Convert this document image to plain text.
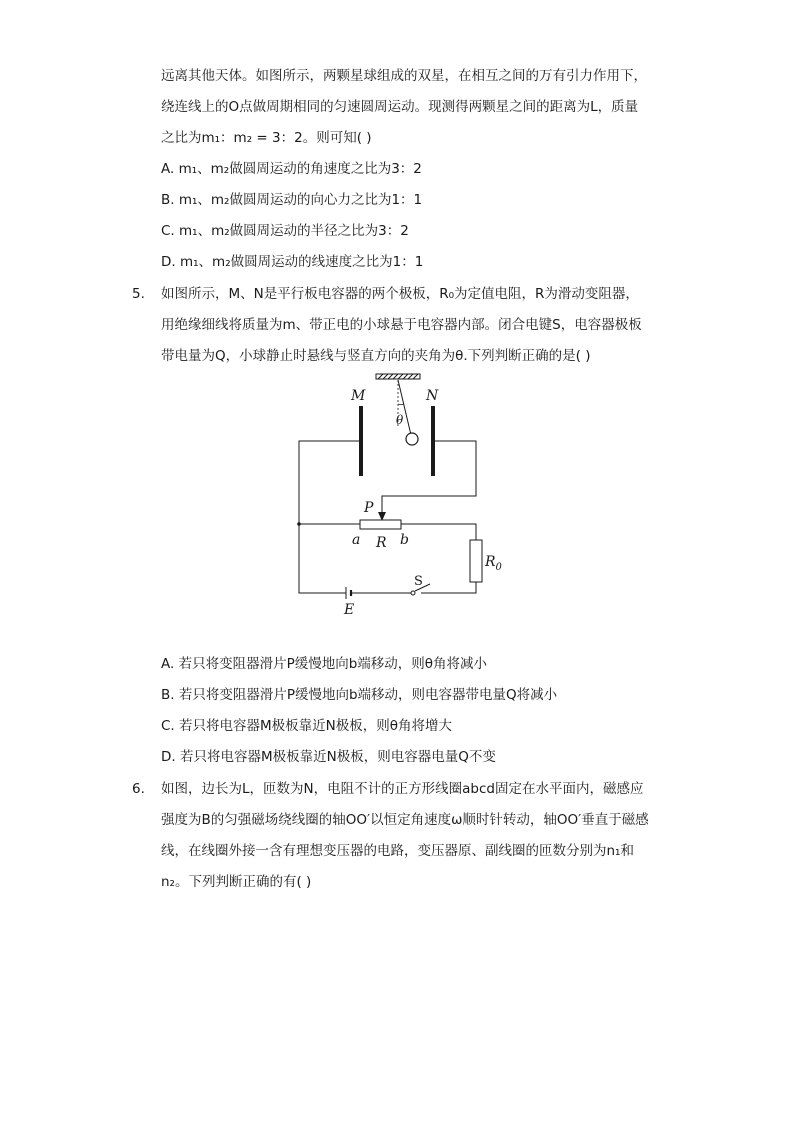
远离其他天体。如图所示，两颗星球组成的双星，在相互之间的万有引力作用下，
绕连线上的O点做周期相同的匀速圆周运动。现测得两颗星之间的距离为L，质量
之比为m₁：m₂ = 3：2。则可知( )
A. m₁、m₂做圆周运动的角速度之比为3：2
B. m₁、m₂做圆周运动的向心力之比为1：1
C. m₁、m₂做圆周运动的半径之比为3：2
D. m₁、m₂做圆周运动的线速度之比为1：1
5. 如图所示，M、N是平行板电容器的两个极板，R₀为定值电阻，R为滑动变阻器，
用绝缘细线将质量为m、带正电的小球悬于电容器内部。闭合电键S，电容器极板
带电量为Q，小球静止时悬线与竖直方向的夹角为θ.下列判断正确的是( )
θ
M	N
P
a R b
$R_0$
E
S
A. 若只将变阻器滑片P缓慢地向b端移动，则θ角将减小
B. 若只将变阻器滑片P缓慢地向b端移动，则电容器带电量Q将减小
C. 若只将电容器M极板靠近N极板，则θ角将增大
D. 若只将电容器M极板靠近N极板，则电容器电量Q不变
6. 如图，边长为L，匝数为N，电阻不计的正方形线圈abcd固定在水平面内，磁感应
强度为B的匀强磁场绕线圈的轴OO′以恒定角速度ω顺时针转动，轴OO′垂直于磁感
线，在线圈外接一含有理想变压器的电路，变压器原、副线圈的匝数分别为n₁和
n₂。下列判断正确的有( )
